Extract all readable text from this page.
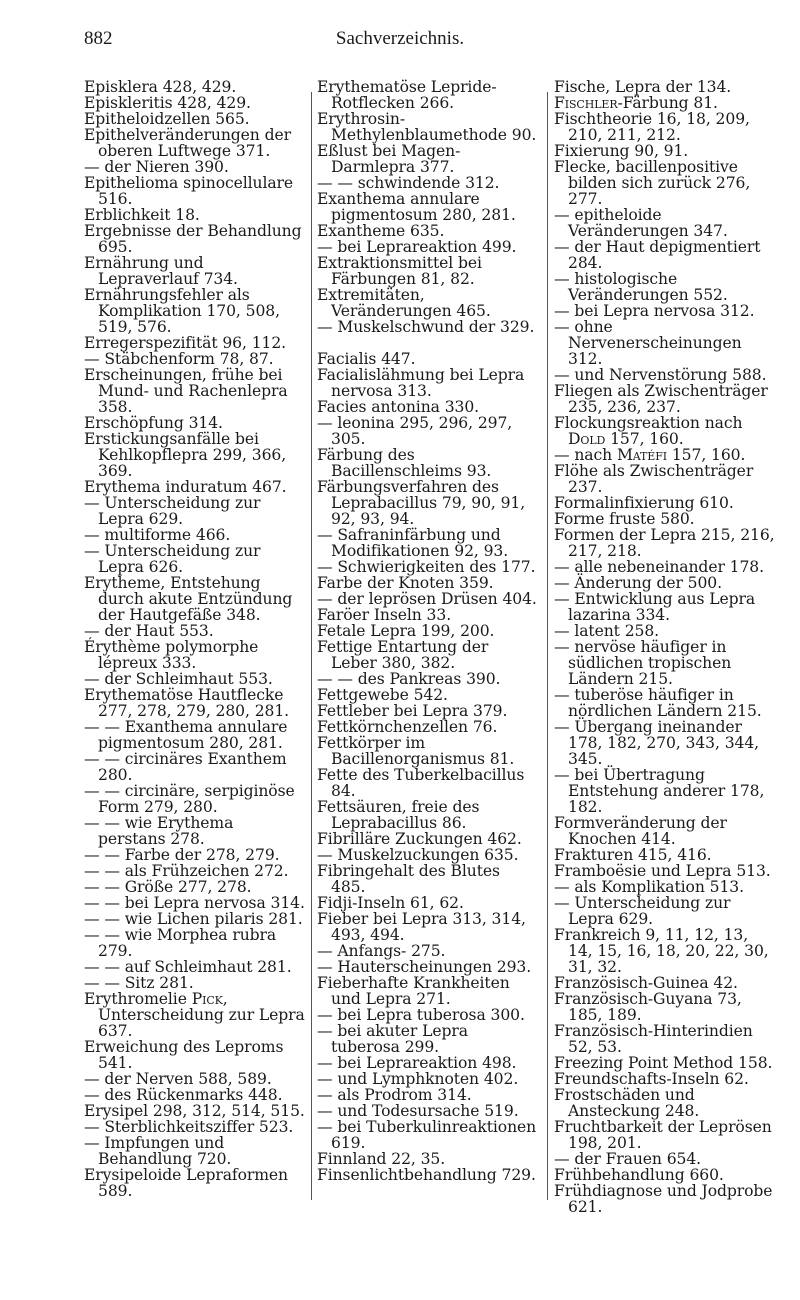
882	Sachverzeichnis.
Episklera 428, 429.
Episkleritis 428, 429.
Epitheloidzellen 565.
Epithelveränderungen der oberen Luftwege 371.
— der Nieren 390.
Epithelioma spinocellulare 516.
Erblichkeit 18.
Ergebnisse der Behandlung 695.
Ernährung und Lepraverlauf 734.
Ernährungsfehler als Komplikation 170, 508, 519, 576.
Erregerspezifität 96, 112.
— Stäbchenform 78, 87.
Erscheinungen, frühe bei Mund- und Rachenlepra 358.
Erschöpfung 314.
Erstickungsanfälle bei Kehlkopflepra 299, 366, 369.
Erythema induratum 467.
— Unterscheidung zur Lepra 629.
— multiforme 466.
— Unterscheidung zur Lepra 626.
Erytheme, Entstehung durch akute Entzündung der Hautgefäße 348.
— der Haut 553.
Érythème polymorphe lépreux 333.
— der Schleimhaut 553.
Erythematöse Hautflecke 277, 278, 279, 280, 281.
— — Exanthema annulare pigmentosum 280, 281.
— — circinäres Exanthem 280.
— — circinäre, serpiginöse Form 279, 280.
— — wie Erythema perstans 278.
— — Farbe der 278, 279.
— — als Frühzeichen 272.
— — Größe 277, 278.
— — bei Lepra nervosa 314.
— — wie Lichen pilaris 281.
— — wie Morphea rubra 279.
— — auf Schleimhaut 281.
— — Sitz 281.
Erythromelie Pick, Unterscheidung zur Lepra 637.
Erweichung des Leproms 541.
— der Nerven 588, 589.
— des Rückenmarks 448.
Erysipel 298, 312, 514, 515.
— Sterblichkeitsziffer 523.
— Impfungen und Behandlung 720.
Erysipeloide Lepraformen 589.
Erythematöse Lepride-Rotflecken 266.
Erythrosin-Methylenblaumethode 90.
Eßlust bei Magen-Darmlepra 377.
— — schwindende 312.
Exanthema annulare pigmentosum 280, 281.
Exantheme 635.
— bei Leprareaktion 499.
Extraktionsmittel bei Färbungen 81, 82.
Extremitäten, Veränderungen 465.
— Muskelschwund der 329.

Facialis 447.
Facialislähmung bei Lepra nervosa 313.
Facies antonina 330.
— leonina 295, 296, 297, 305.
Färbung des Bacillenschleims 93.
Färbungsverfahren des Leprabacillus 79, 90, 91, 92, 93, 94.
— Safraninfärbung und Modifikationen 92, 93.
— Schwierigkeiten des 177.
Farbe der Knoten 359.
— der leprösen Drüsen 404.
Faröer Inseln 33.
Fetale Lepra 199, 200.
Fettige Entartung der Leber 380, 382.
— — des Pankreas 390.
Fettgewebe 542.
Fettleber bei Lepra 379.
Fettkörnchenzellen 76.
Fettkörper im Bacillenorganismus 81.
Fette des Tuberkelbacillus 84.
Fettsäuren, freie des Leprabacillus 86.
Fibrilläre Zuckungen 462.
— Muskelzuckungen 635.
Fibringehalt des Blutes 485.
Fidji-Inseln 61, 62.
Fieber bei Lepra 313, 314, 493, 494.
— Anfangs- 275.
— Hauterscheinungen 293.
Fieberhafte Krankheiten und Lepra 271.
— bei Lepra tuberosa 300.
— bei akuter Lepra tuberosa 299.
— bei Leprareaktion 498.
— und Lymphknoten 402.
— als Prodrom 314.
— und Todesursache 519.
— bei Tuberkulinreaktionen 619.
Finnland 22, 35.
Finsenlichtbehandlung 729.
Fische, Lepra der 134.
Fischler-Färbung 81.
Fischtheorie 16, 18, 209, 210, 211, 212.
Fixierung 90, 91.
Flecke, bacillenpositive bilden sich zurück 276, 277.
— epitheloide Veränderungen 347.
— der Haut depigmentiert 284.
— histologische Veränderungen 552.
— bei Lepra nervosa 312.
— ohne Nervenerscheinungen 312.
— und Nervenstörung 588.
Fliegen als Zwischenträger 235, 236, 237.
Flockungsreaktion nach Dold 157, 160.
— nach Matéfi 157, 160.
Flöhe als Zwischenträger 237.
Formalinfixierung 610.
Forme fruste 580.
Formen der Lepra 215, 216, 217, 218.
— alle nebeneinander 178.
— Änderung der 500.
— Entwicklung aus Lepra lazarina 334.
— latent 258.
— nervöse häufiger in südlichen tropischen Ländern 215.
— tuberöse häufiger in nördlichen Ländern 215.
— Übergang ineinander 178, 182, 270, 343, 344, 345.
— bei Übertragung Entstehung anderer 178, 182.
Formveränderung der Knochen 414.
Frakturen 415, 416.
Framboësie und Lepra 513.
— als Komplikation 513.
— Unterscheidung zur Lepra 629.
Frankreich 9, 11, 12, 13, 14, 15, 16, 18, 20, 22, 30, 31, 32.
Französisch-Guinea 42.
Französisch-Guyana 73, 185, 189.
Französisch-Hinterindien 52, 53.
Freezing Point Method 158.
Freundschafts-Inseln 62.
Frostschäden und Ansteckung 248.
Fruchtbarkeit der Leprösen 198, 201.
— der Frauen 654.
Frühbehandlung 660.
Frühdiagnose und Jodprobe 621.
